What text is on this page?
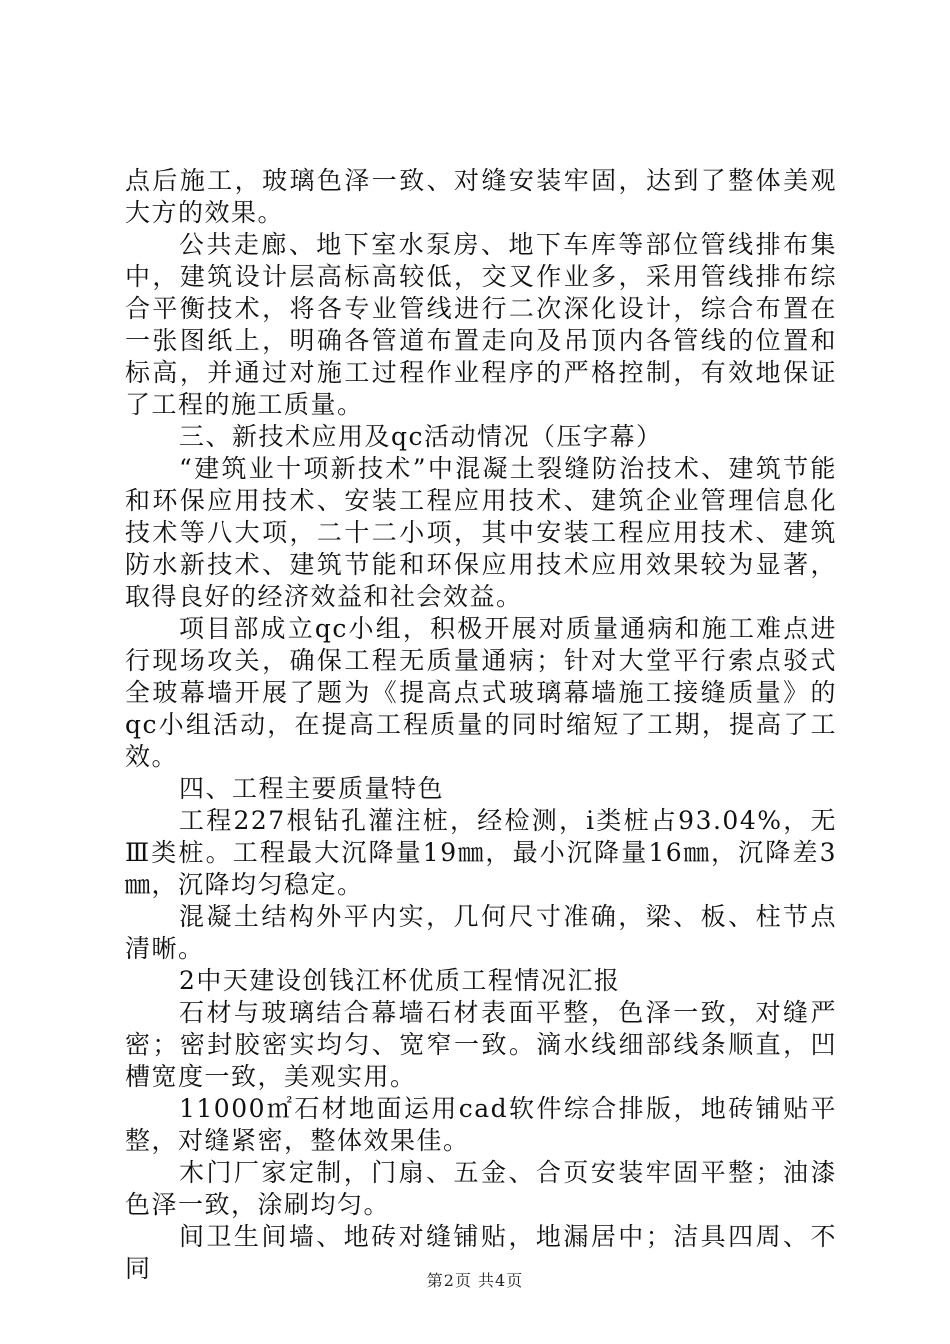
点后施工，玻璃色泽一致、对缝安装牢固，达到了整体美观大方的效果。

公共走廊、地下室水泵房、地下车库等部位管线排布集中，建筑设计层高标高较低，交叉作业多，采用管线排布综合平衡技术，将各专业管线进行二次深化设计，综合布置在一张图纸上，明确各管道布置走向及吊顶内各管线的位置和标高，并通过对施工过程作业程序的严格控制，有效地保证了工程的施工质量。

三、新技术应用及qc活动情况（压字幕）

“建筑业十项新技术”中混凝土裂缝防治技术、建筑节能和环保应用技术、安装工程应用技术、建筑企业管理信息化技术等八大项，二十二小项，其中安装工程应用技术、建筑防水新技术、建筑节能和环保应用技术应用效果较为显著，取得良好的经济效益和社会效益。

项目部成立qc小组，积极开展对质量通病和施工难点进行现场攻关，确保工程无质量通病；针对大堂平行索点驳式全玻幕墙开展了题为《提高点式玻璃幕墙施工接缝质量》的qc小组活动，在提高工程质量的同时缩短了工期，提高了工效。

四、工程主要质量特色

工程227根钻孔灌注桩，经检测，i类桩占93.04%，无Ⅲ类桩。工程最大沉降量19㎜，最小沉降量16㎜，沉降差3㎜，沉降均匀稳定。

混凝土结构外平内实，几何尺寸准确，梁、板、柱节点清晰。

2中天建设创钱江杯优质工程情况汇报

石材与玻璃结合幕墙石材表面平整，色泽一致，对缝严密；密封胶密实均匀、宽窄一致。滴水线细部线条顺直，凹槽宽度一致，美观实用。

11000㎡石材地面运用cad软件综合排版，地砖铺贴平整，对缝紧密，整体效果佳。

木门厂家定制，门扇、五金、合页安装牢固平整；油漆色泽一致，涂刷均匀。

间卫生间墙、地砖对缝铺贴，地漏居中；洁具四周、不同	第2页 共4页
